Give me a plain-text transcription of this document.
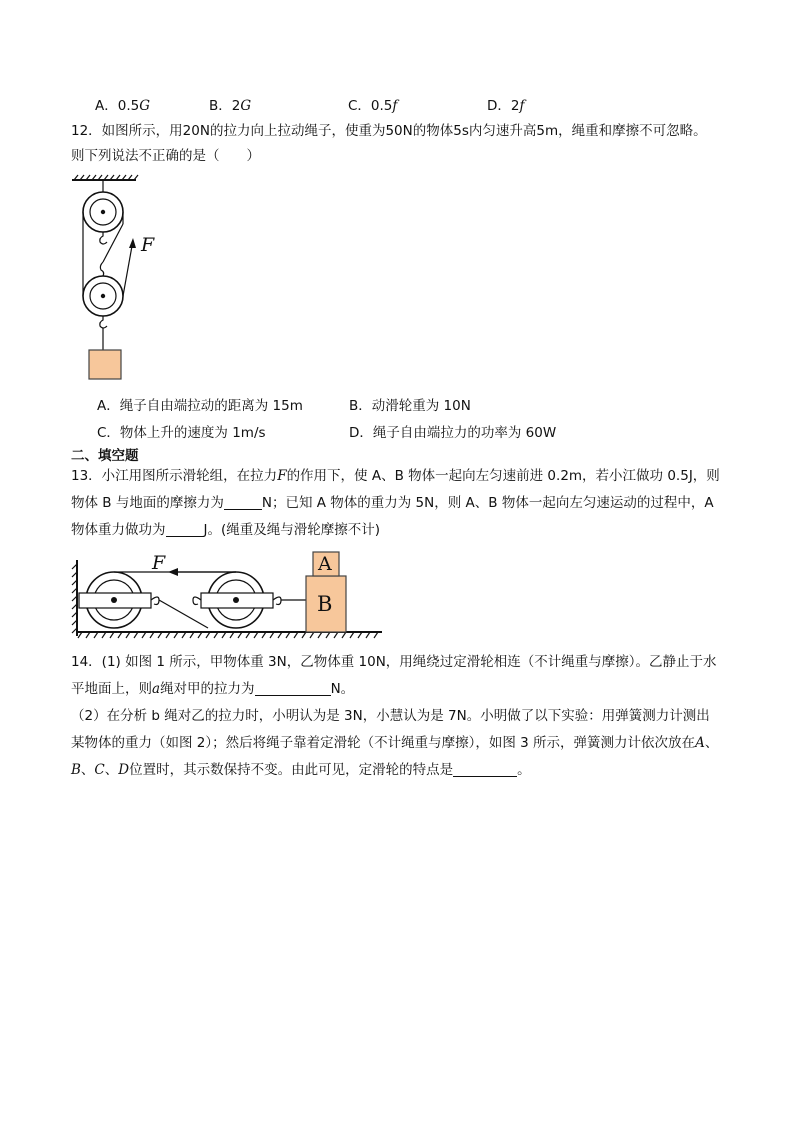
A．0.5G	B．2G	C．0.5f	D．2f
12．如图所示，用20N的拉力向上拉动绳子，使重为50N的物体5s内匀速升高5m，绳重和摩擦不可忽略。
则下列说法不正确的是（　　）
F
A．绳子自由端拉动的距离为 15m	B．动滑轮重为 10N
C．物体上升的速度为 1m/s	D．绳子自由端拉力的功率为 60W
二、填空题
13．小江用图所示滑轮组，在拉力F的作用下，使 A、B 物体一起向左匀速前进 0.2m，若小江做功 0.5J，则
物体 B 与地面的摩擦力为	N；已知 A 物体的重力为 5N，则 A、B 物体一起向左匀速运动的过程中，A
物体重力做功为	J。(绳重及绳与滑轮摩擦不计)
F	A
B
14．(1) 如图 1 所示，甲物体重 3N，乙物体重 10N，用绳绕过定滑轮相连（不计绳重与摩擦）。乙静止于水
平地面上，则a绳对甲的拉力为	N。
（2）在分析 b 绳对乙的拉力时，小明认为是 3N，小慧认为是 7N。小明做了以下实验：用弹簧测力计测出
某物体的重力（如图 2）；然后将绳子靠着定滑轮（不计绳重与摩擦），如图 3 所示，弹簧测力计依次放在A、
B、C、D位置时，其示数保持不变。由此可见，定滑轮的特点是	。
